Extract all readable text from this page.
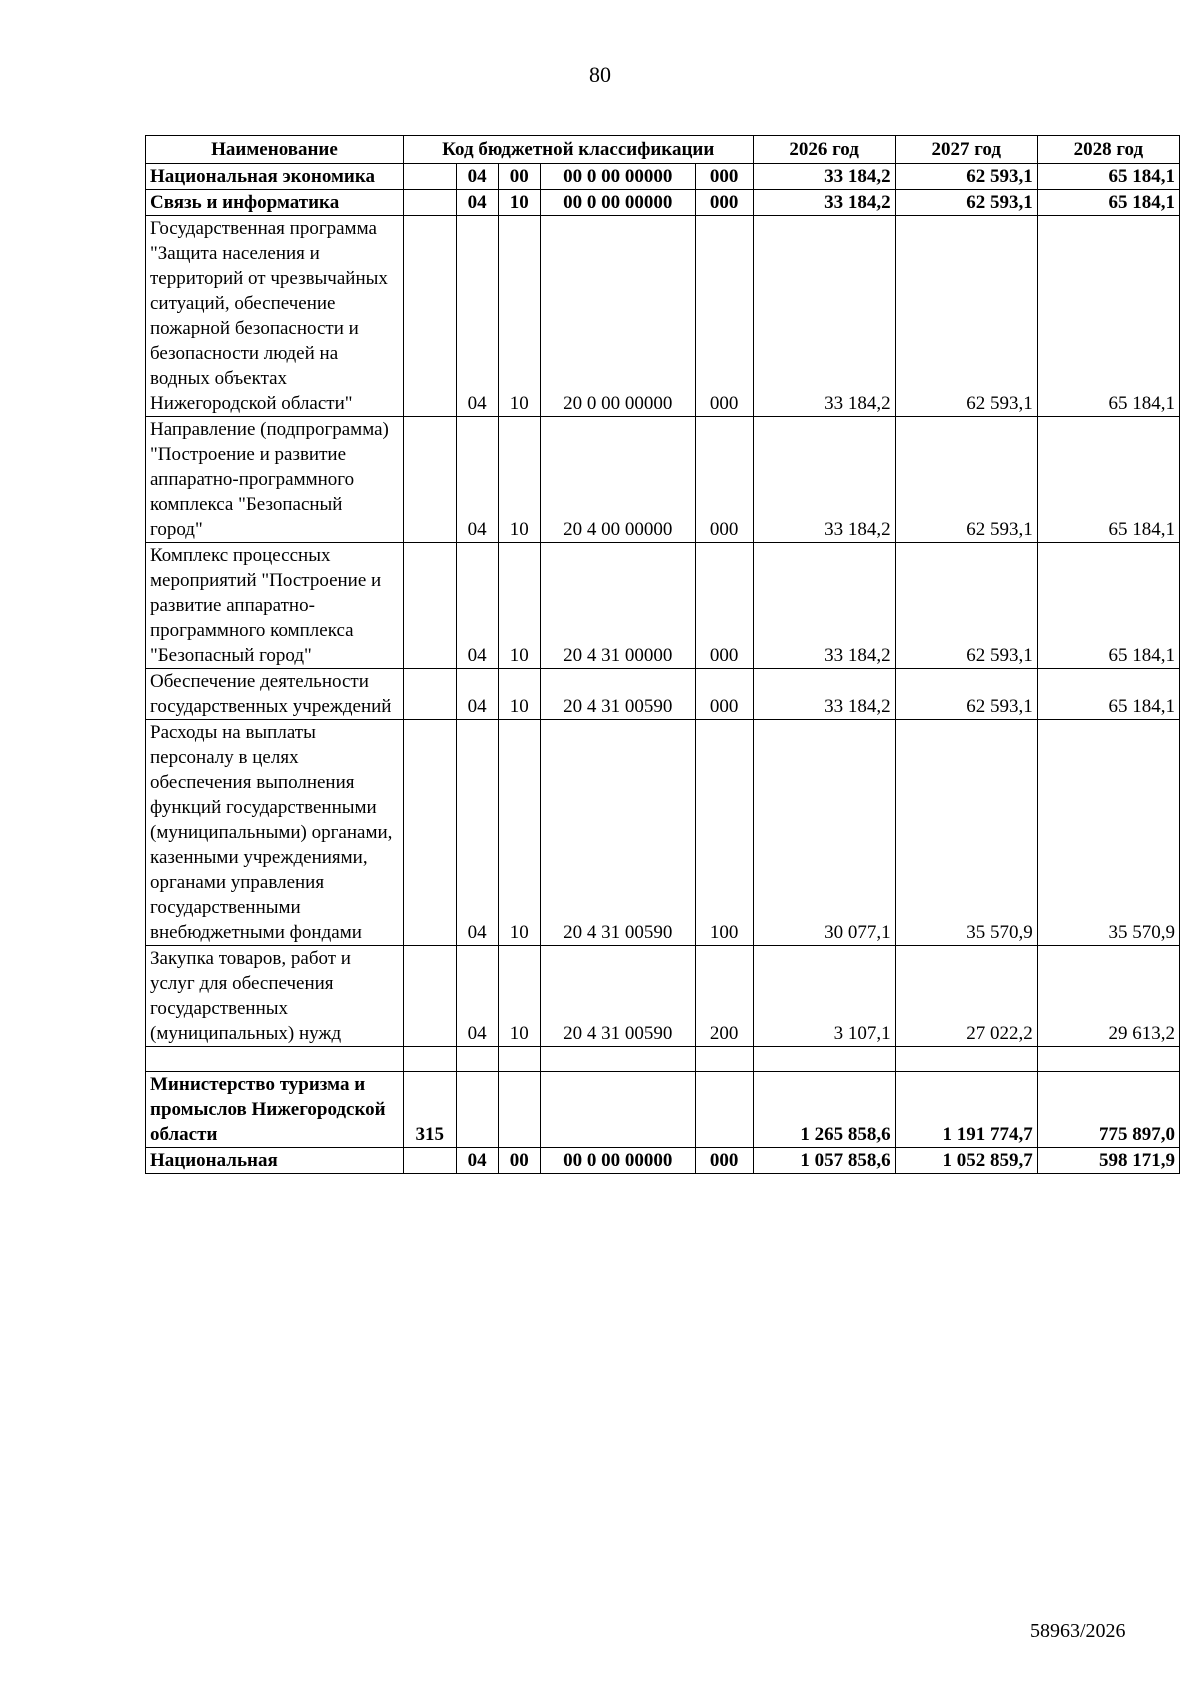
80
Наименование	Код бюджетной классификации					2026 год	2027 год	2028 год
Национальная экономика		04	00	00 0 00 00000	000	33 184,2	62 593,1	65 184,1
Связь и информатика		04	10	00 0 00 00000	000	33 184,2	62 593,1	65 184,1
Государственная программа "Защита населения и территорий от чрезвычайных ситуаций, обеспечение пожарной безопасности и безопасности людей на водных объектах Нижегородской области"		04	10	20 0 00 00000	000	33 184,2	62 593,1	65 184,1
Направление (подпрограмма) "Построение и развитие аппаратно-программного комплекса "Безопасный город"		04	10	20 4 00 00000	000	33 184,2	62 593,1	65 184,1
Комплекс процессных мероприятий "Построение и развитие аппаратно-программного комплекса "Безопасный город"		04	10	20 4 31 00000	000	33 184,2	62 593,1	65 184,1
Обеспечение деятельности государственных учреждений		04	10	20 4 31 00590	000	33 184,2	62 593,1	65 184,1
Расходы на выплаты персоналу в целях обеспечения выполнения функций государственными (муниципальными) органами, казенными учреждениями, органами управления государственными внебюджетными фондами		04	10	20 4 31 00590	100	30 077,1	35 570,9	35 570,9
Закупка товаров, работ и услуг для обеспечения государственных (муниципальных) нужд		04	10	20 4 31 00590	200	3 107,1	27 022,2	29 613,2

Министерство туризма и промыслов Нижегородской области	315					1 265 858,6	1 191 774,7	775 897,0
Национальная		04	00	00 0 00 00000	000	1 057 858,6	1 052 859,7	598 171,9
58963/2026
